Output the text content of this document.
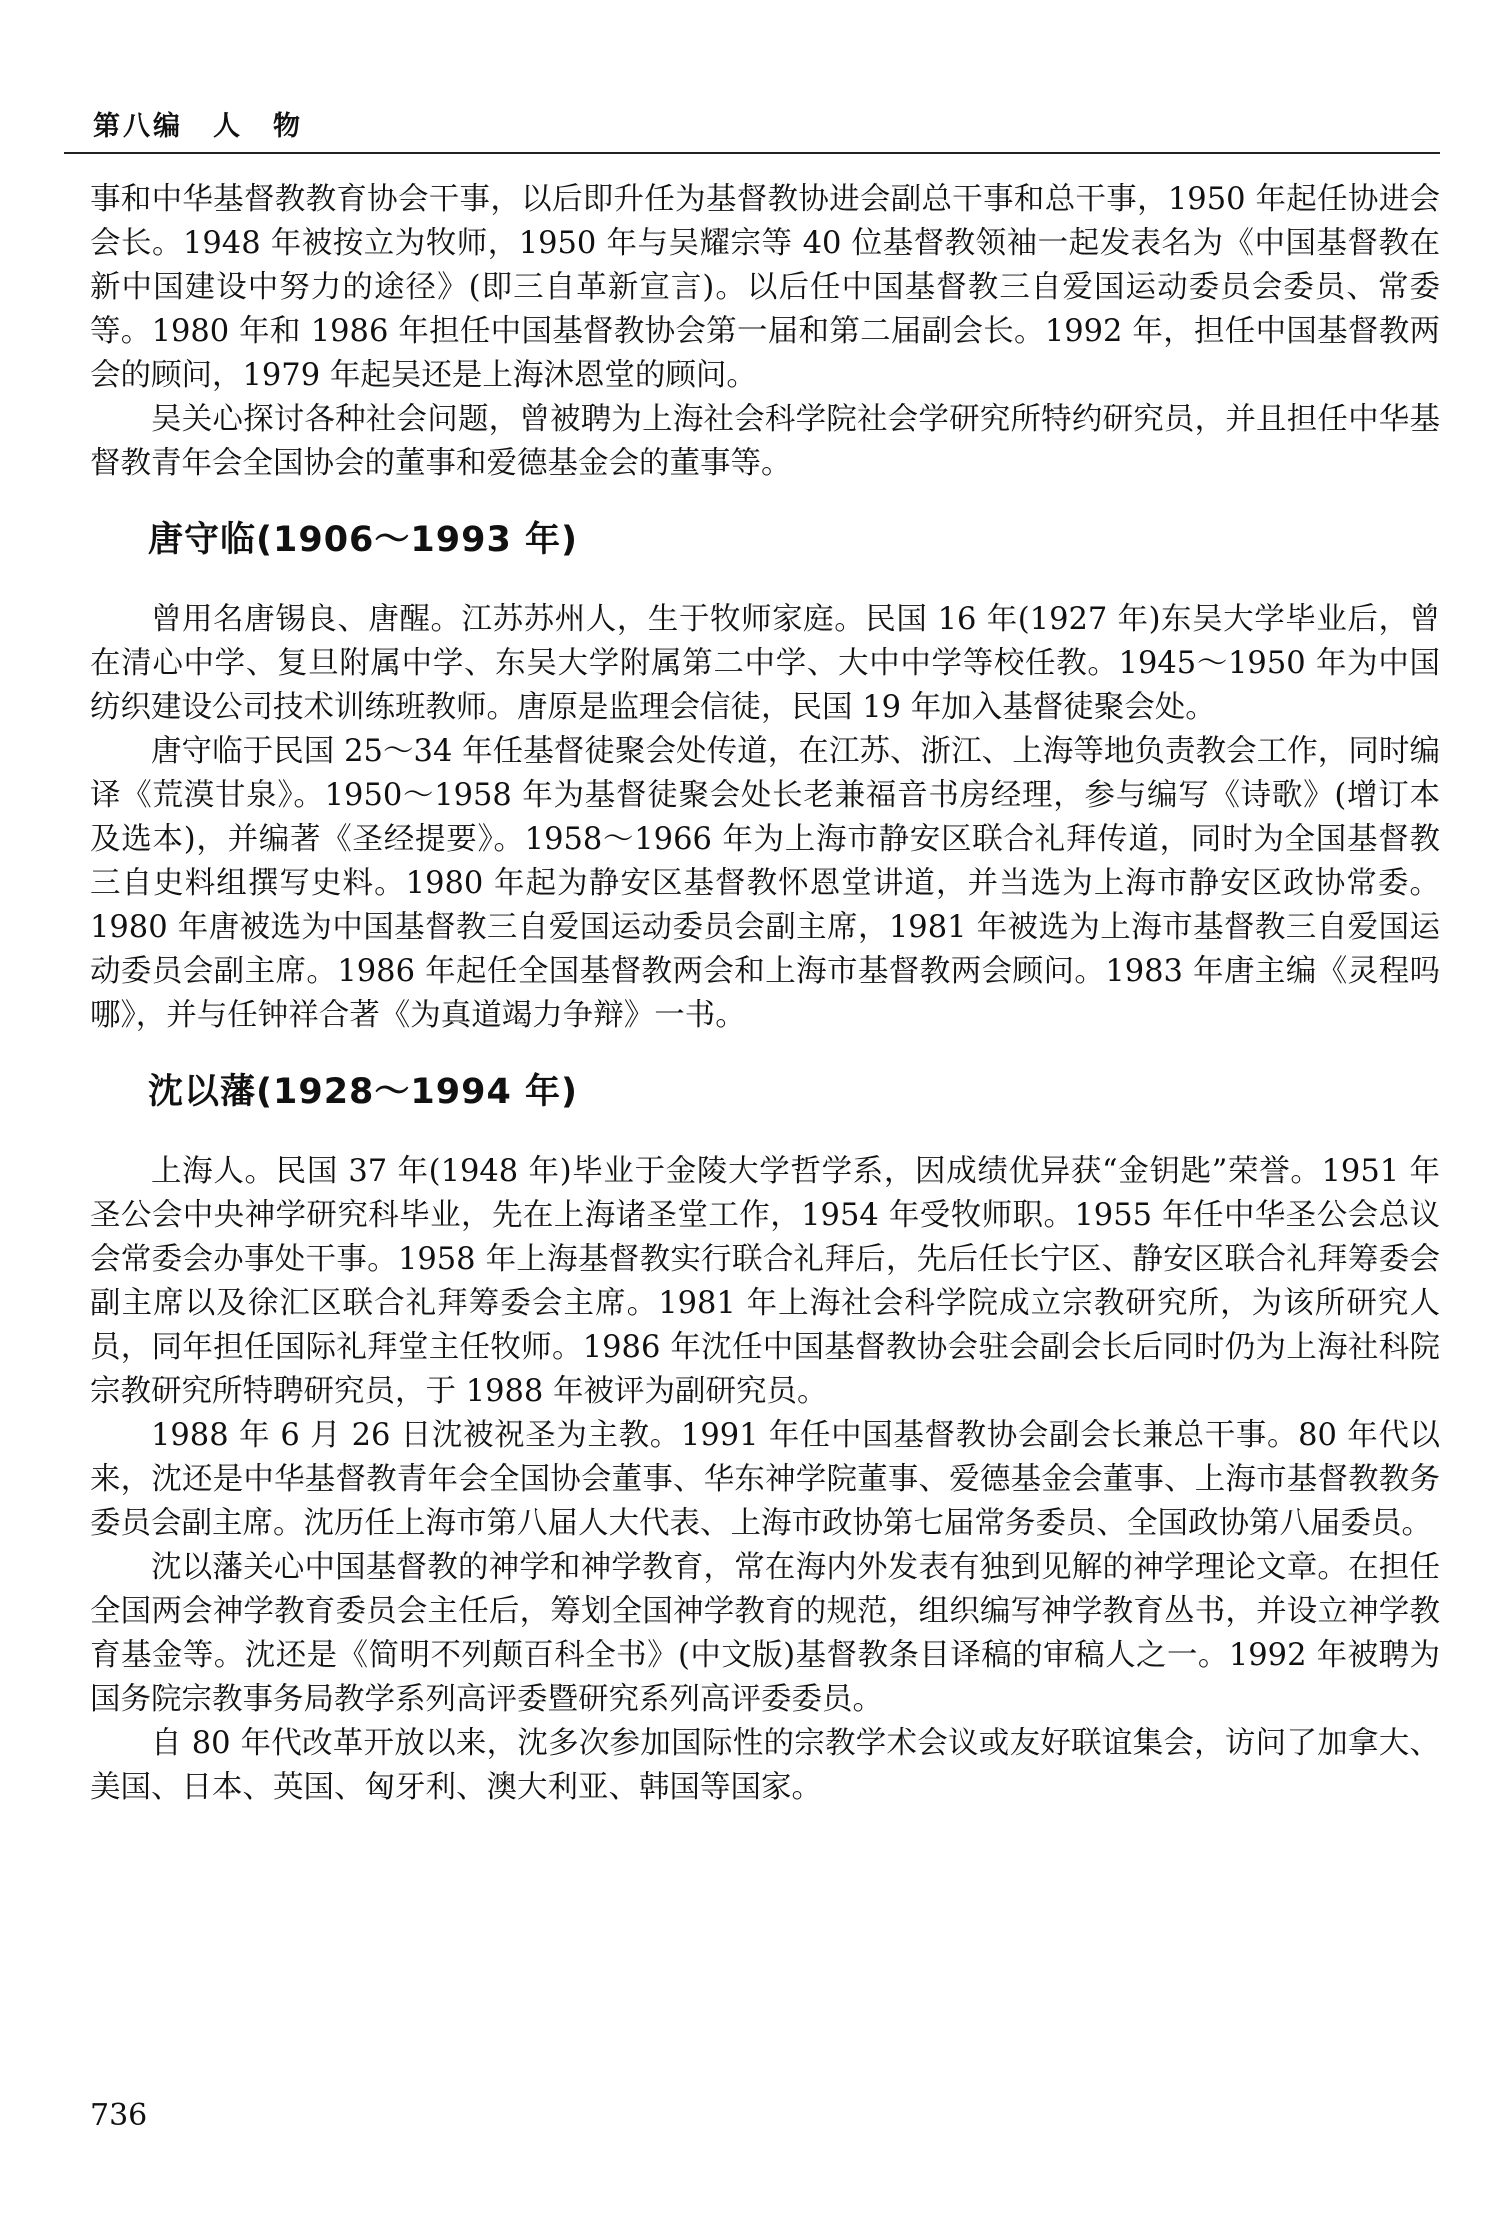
第八编　人　物

事和中华基督教教育协会干事，以后即升任为基督教协进会副总干事和总干事，1950 年起任协进会会长。1948 年被按立为牧师，1950 年与吴耀宗等 40 位基督教领袖一起发表名为《中国基督教在新中国建设中努力的途径》(即三自革新宣言)。以后任中国基督教三自爱国运动委员会委员、常委等。1980 年和 1986 年担任中国基督教协会第一届和第二届副会长。1992 年，担任中国基督教两会的顾问，1979 年起吴还是上海沐恩堂的顾问。

吴关心探讨各种社会问题，曾被聘为上海社会科学院社会学研究所特约研究员，并且担任中华基督教青年会全国协会的董事和爱德基金会的董事等。

唐守临(1906～1993 年)

曾用名唐锡良、唐醒。江苏苏州人，生于牧师家庭。民国 16 年(1927 年)东吴大学毕业后，曾在清心中学、复旦附属中学、东吴大学附属第二中学、大中中学等校任教。1945～1950 年为中国纺织建设公司技术训练班教师。唐原是监理会信徒，民国 19 年加入基督徒聚会处。

唐守临于民国 25～34 年任基督徒聚会处传道，在江苏、浙江、上海等地负责教会工作，同时编译《荒漠甘泉》。1950～1958 年为基督徒聚会处长老兼福音书房经理，参与编写《诗歌》(增订本及选本)，并编著《圣经提要》。1958～1966 年为上海市静安区联合礼拜传道，同时为全国基督教三自史料组撰写史料。1980 年起为静安区基督教怀恩堂讲道，并当选为上海市静安区政协常委。1980 年唐被选为中国基督教三自爱国运动委员会副主席，1981 年被选为上海市基督教三自爱国运动委员会副主席。1986 年起任全国基督教两会和上海市基督教两会顾问。1983 年唐主编《灵程吗哪》，并与任钟祥合著《为真道竭力争辩》一书。

沈以藩(1928～1994 年)

上海人。民国 37 年(1948 年)毕业于金陵大学哲学系，因成绩优异获“金钥匙”荣誉。1951 年圣公会中央神学研究科毕业，先在上海诸圣堂工作，1954 年受牧师职。1955 年任中华圣公会总议会常委会办事处干事。1958 年上海基督教实行联合礼拜后，先后任长宁区、静安区联合礼拜筹委会副主席以及徐汇区联合礼拜筹委会主席。1981 年上海社会科学院成立宗教研究所，为该所研究人员，同年担任国际礼拜堂主任牧师。1986 年沈任中国基督教协会驻会副会长后同时仍为上海社科院宗教研究所特聘研究员，于 1988 年被评为副研究员。

1988 年 6 月 26 日沈被祝圣为主教。1991 年任中国基督教协会副会长兼总干事。80 年代以来，沈还是中华基督教青年会全国协会董事、华东神学院董事、爱德基金会董事、上海市基督教教务委员会副主席。沈历任上海市第八届人大代表、上海市政协第七届常务委员、全国政协第八届委员。

沈以藩关心中国基督教的神学和神学教育，常在海内外发表有独到见解的神学理论文章。在担任全国两会神学教育委员会主任后，筹划全国神学教育的规范，组织编写神学教育丛书，并设立神学教育基金等。沈还是《简明不列颠百科全书》(中文版)基督教条目译稿的审稿人之一。1992 年被聘为国务院宗教事务局教学系列高评委暨研究系列高评委委员。

自 80 年代改革开放以来，沈多次参加国际性的宗教学术会议或友好联谊集会，访问了加拿大、美国、日本、英国、匈牙利、澳大利亚、韩国等国家。

736
